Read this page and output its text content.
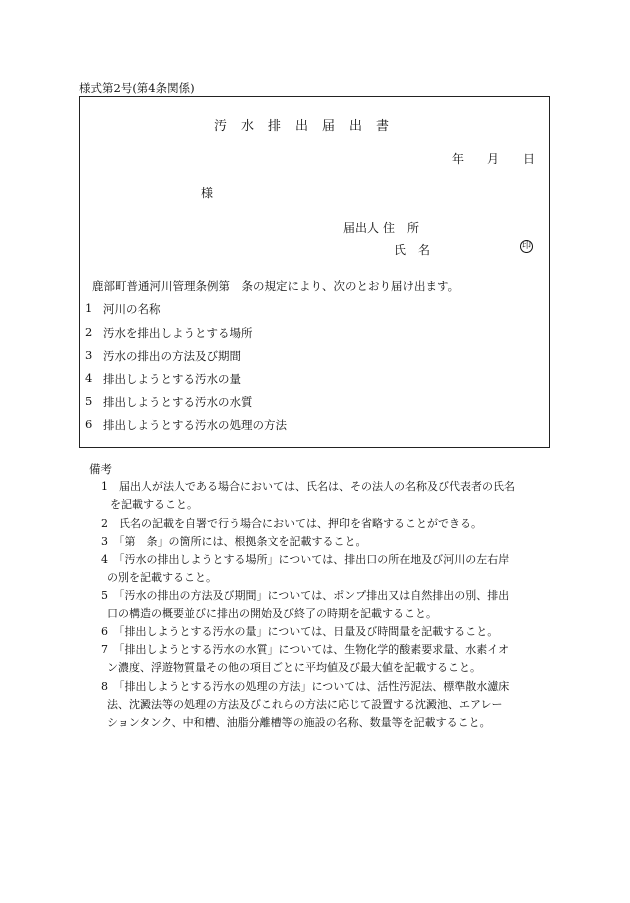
様式第2号(第4条関係)
汚水排出届出書
年 月 日
様
届出人 住　所
氏　名	印
鹿部町普通河川管理条例第　条の規定により、次のとおり届け出ます。
1 河川の名称
2 汚水を排出しようとする場所
3 汚水の排出の方法及び期間
4 排出しようとする汚水の量
5 排出しようとする汚水の水質
6 排出しようとする汚水の処理の方法
備考
1　届出人が法人である場合においては、氏名は、その法人の名称及び代表者の氏名
を記載すること。
2　氏名の記載を自署で行う場合においては、押印を省略することができる。
3　「第　条」の箇所には、根拠条文を記載すること。
4　「汚水の排出しようとする場所」については、排出口の所在地及び河川の左右岸
の別を記載すること。
5　「汚水の排出の方法及び期間」については、ポンプ排出又は自然排出の別、排出
口の構造の概要並びに排出の開始及び終了の時期を記載すること。
6　「排出しようとする汚水の量」については、日量及び時間量を記載すること。
7　「排出しようとする汚水の水質」については、生物化学的酸素要求量、水素イオ
ン濃度、浮遊物質量その他の項目ごとに平均値及び最大値を記載すること。
8　「排出しようとする汚水の処理の方法」については、活性汚泥法、標準散水濾床
法、沈澱法等の処理の方法及びこれらの方法に応じて設置する沈澱池、エアレー
ションタンク、中和槽、油脂分離槽等の施設の名称、数量等を記載すること。
